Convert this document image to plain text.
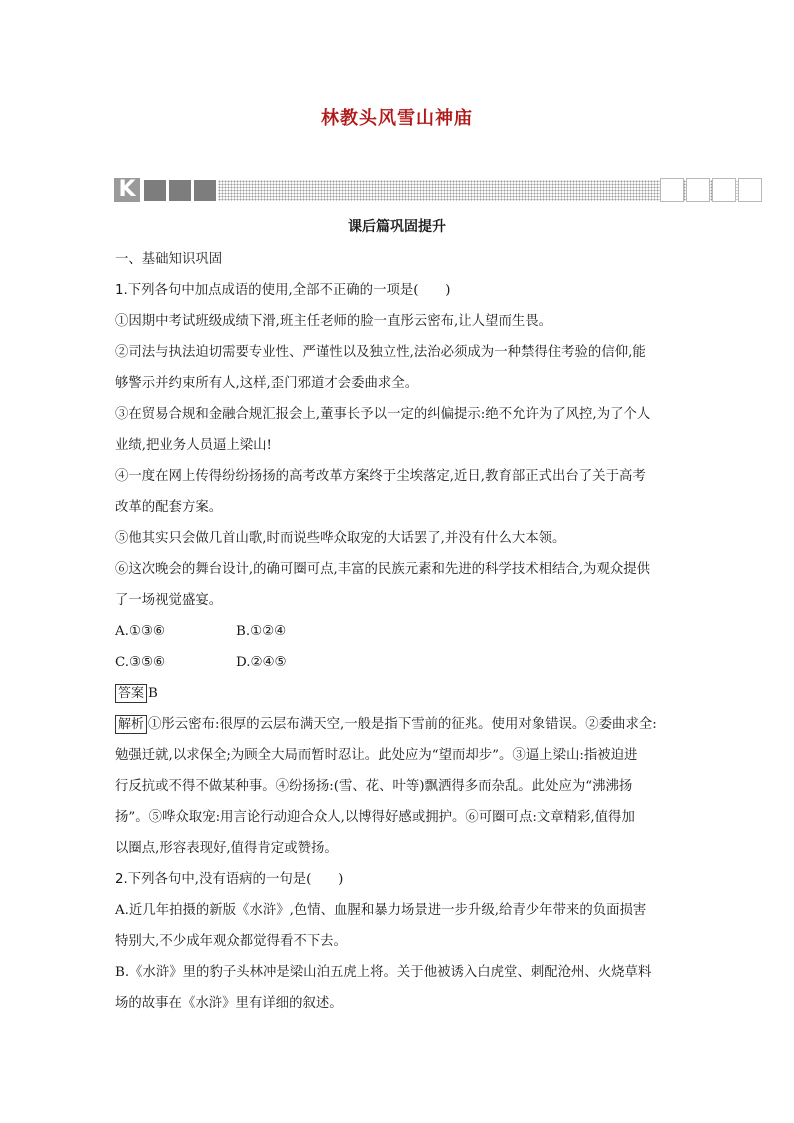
林教头风雪山神庙
K
课后篇巩固提升

一、基础知识巩固

1.下列各句中加点成语的使用,全部不正确的一项是(　　)

①因期中考试班级成绩下滑,班主任老师的脸一直彤云密布,让人望而生畏。

②司法与执法迫切需要专业性、严谨性以及独立性,法治必须成为一种禁得住考验的信仰,能

够警示并约束所有人,这样,歪门邪道才会委曲求全。

③在贸易合规和金融合规汇报会上,董事长予以一定的纠偏提示:绝不允许为了风控,为了个人

业绩,把业务人员逼上梁山!

④一度在网上传得纷纷扬扬的高考改革方案终于尘埃落定,近日,教育部正式出台了关于高考

改革的配套方案。

⑤他其实只会做几首山歌,时而说些哗众取宠的大话罢了,并没有什么大本领。

⑥这次晚会的舞台设计,的确可圈可点,丰富的民族元素和先进的科学技术相结合,为观众提供

了一场视觉盛宴。

A.①③⑥	B.①②④

C.③⑤⑥	D.②④⑤

答案 B

解析 ①彤云密布:很厚的云层布满天空,一般是指下雪前的征兆。使用对象错误。②委曲求全:

勉强迁就,以求保全;为顾全大局而暂时忍让。此处应为“望而却步”。③逼上梁山:指被迫进

行反抗或不得不做某种事。④纷扬扬:(雪、花、叶等)飘洒得多而杂乱。此处应为“沸沸扬

扬”。⑤哗众取宠:用言论行动迎合众人,以博得好感或拥护。⑥可圈可点:文章精彩,值得加

以圈点,形容表现好,值得肯定或赞扬。

2.下列各句中,没有语病的一句是(　　)

A.近几年拍摄的新版《水浒》,色情、血腥和暴力场景进一步升级,给青少年带来的负面损害

特别大,不少成年观众都觉得看不下去。

B.《水浒》里的豹子头林冲是梁山泊五虎上将。关于他被诱入白虎堂、刺配沧州、火烧草料

场的故事在《水浒》里有详细的叙述。
